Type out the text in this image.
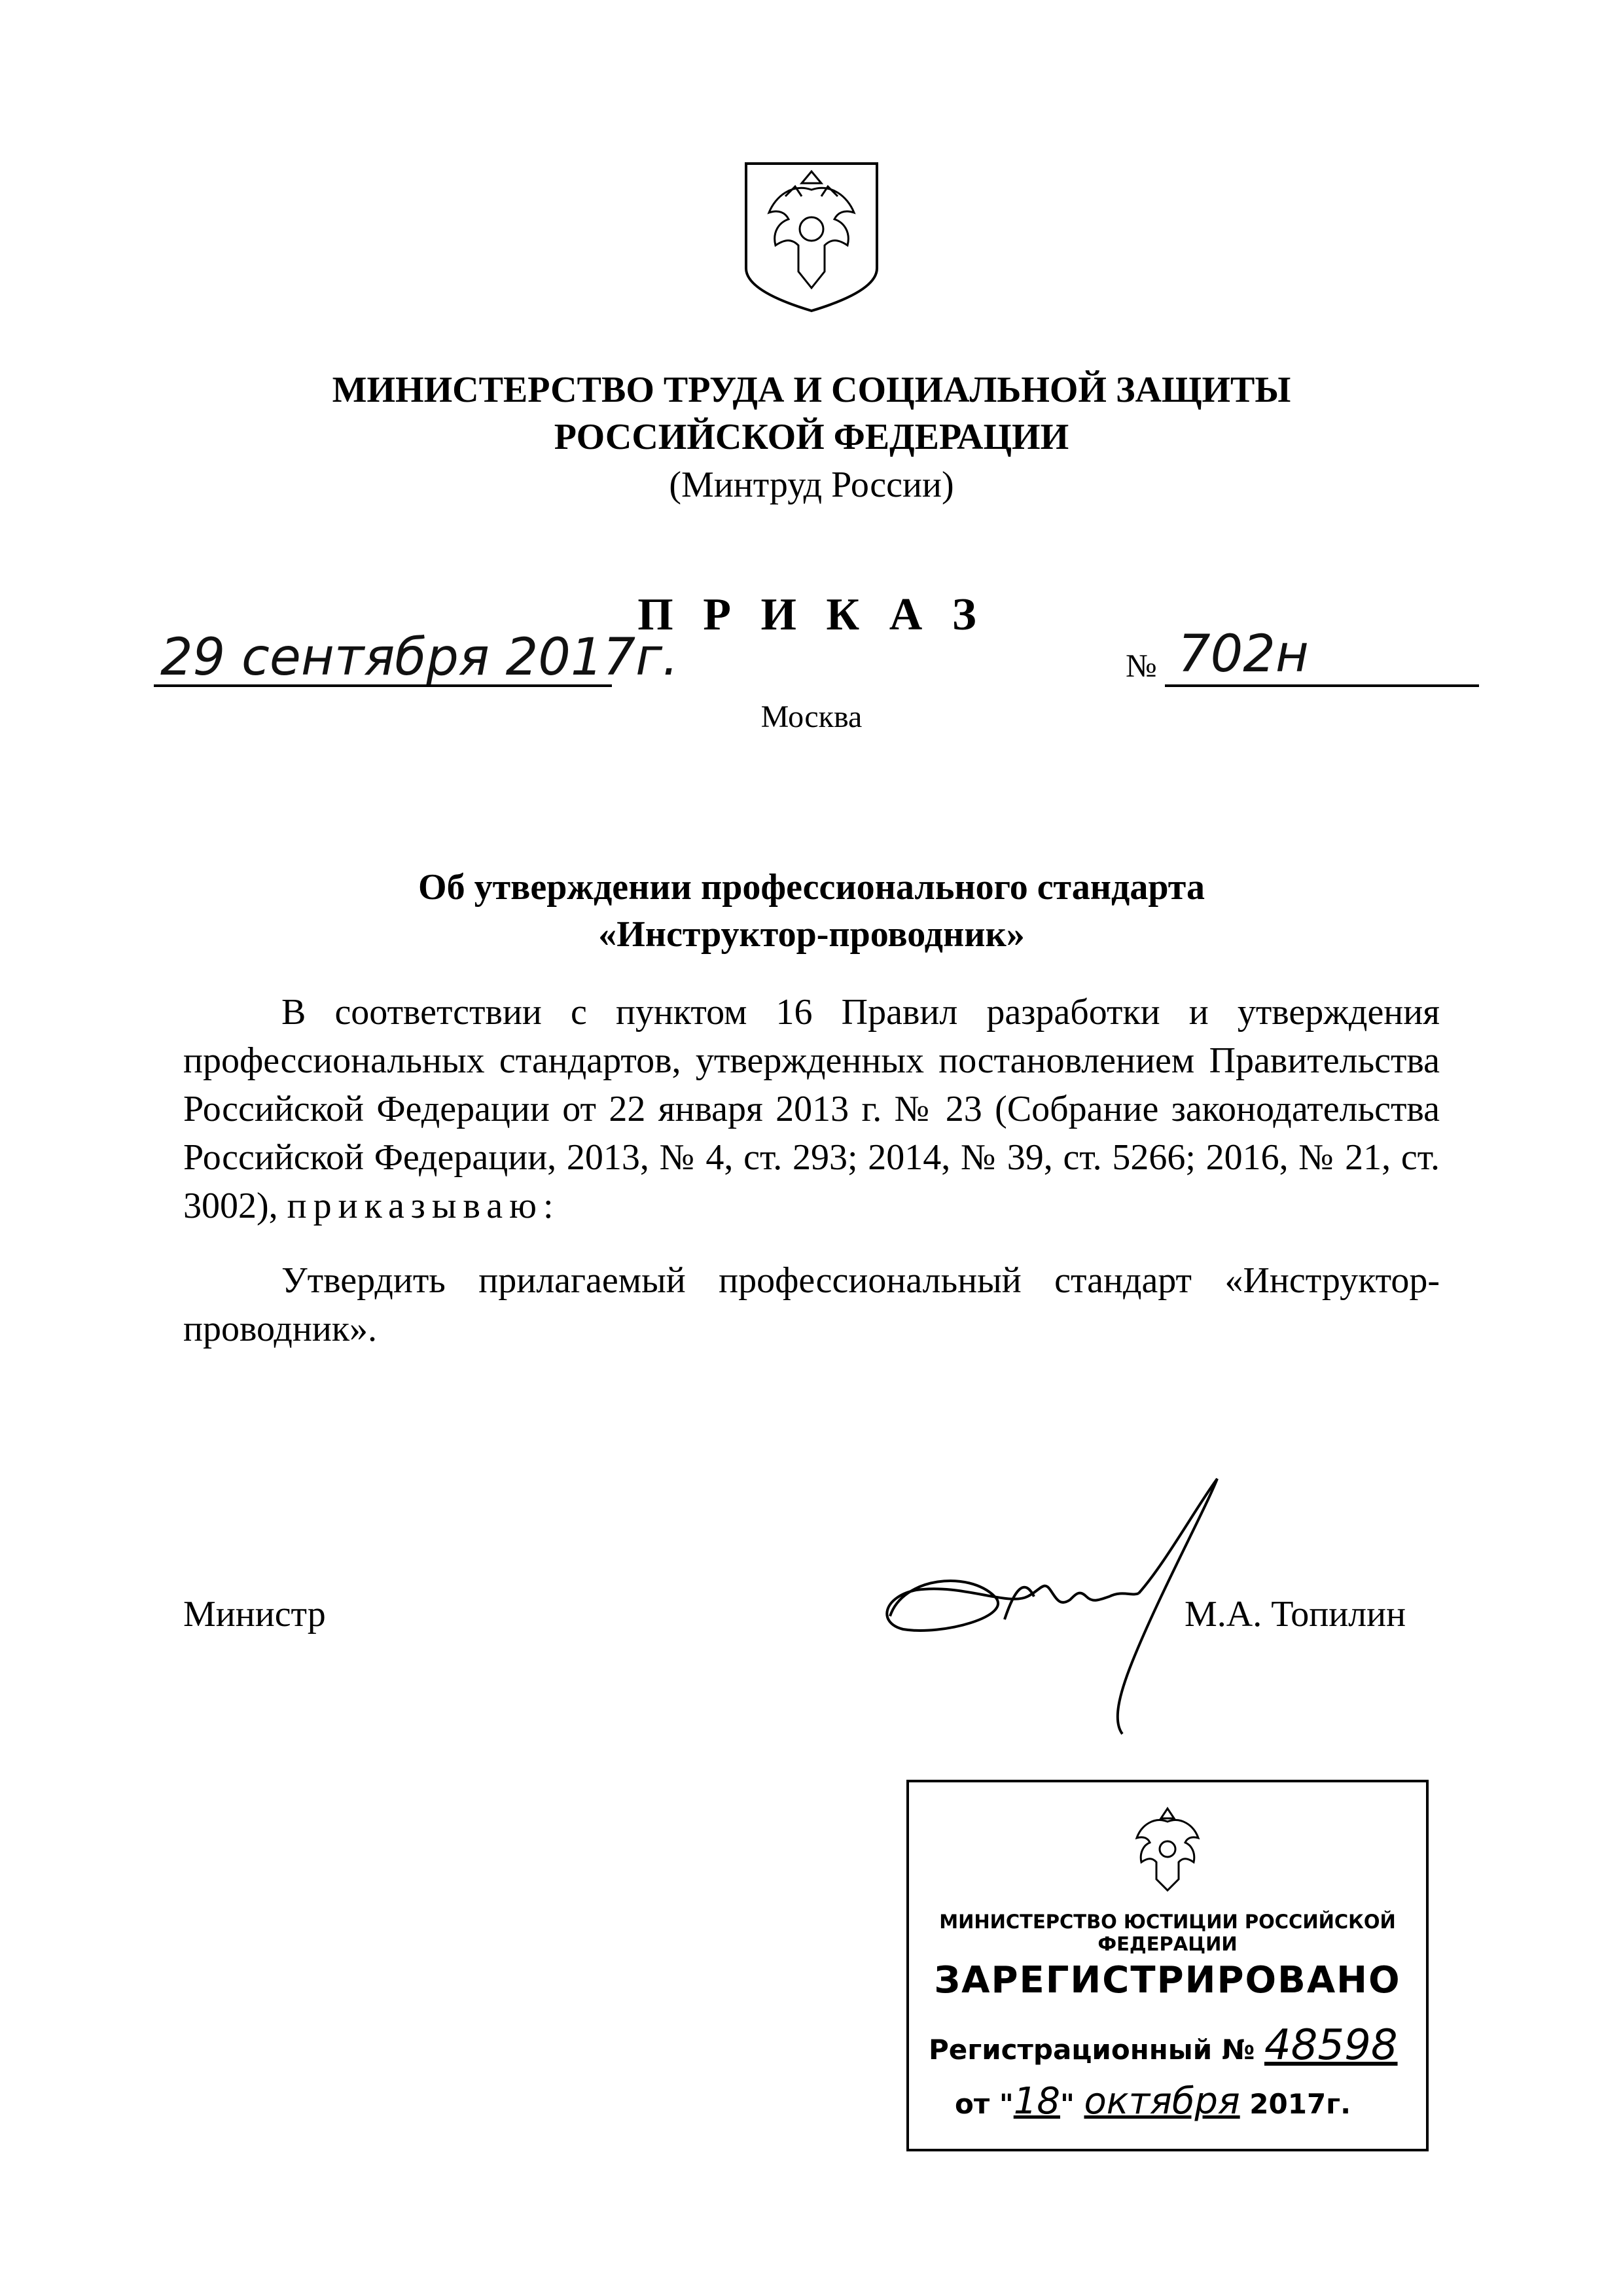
МИНИСТЕРСТВО ТРУДА И СОЦИАЛЬНОЙ ЗАЩИТЫ
РОССИЙСКОЙ ФЕДЕРАЦИИ
(Минтруд России)
П Р И К А З
29 сентября 2017г.	№ 702н
Москва
Об утверждении профессионального стандарта
«Инструктор-проводник»
В соответствии с пунктом 16 Правил разработки и утверждения профессиональных стандартов, утвержденных постановлением Правительства Российской Федерации от 22 января 2013 г. № 23 (Собрание законодательства Российской Федерации, 2013, № 4, ст. 293; 2014, № 39, ст. 5266; 2016, № 21, ст. 3002), приказываю:
Утвердить прилагаемый профессиональный стандарт «Инструктор-проводник».
Министр	М.А. Топилин
МИНИСТЕРСТВО ЮСТИЦИИ РОССИЙСКОЙ ФЕДЕРАЦИИ
ЗАРЕГИСТРИРОВАНО
Регистрационный № 48598
от "18" октября 2017г.
